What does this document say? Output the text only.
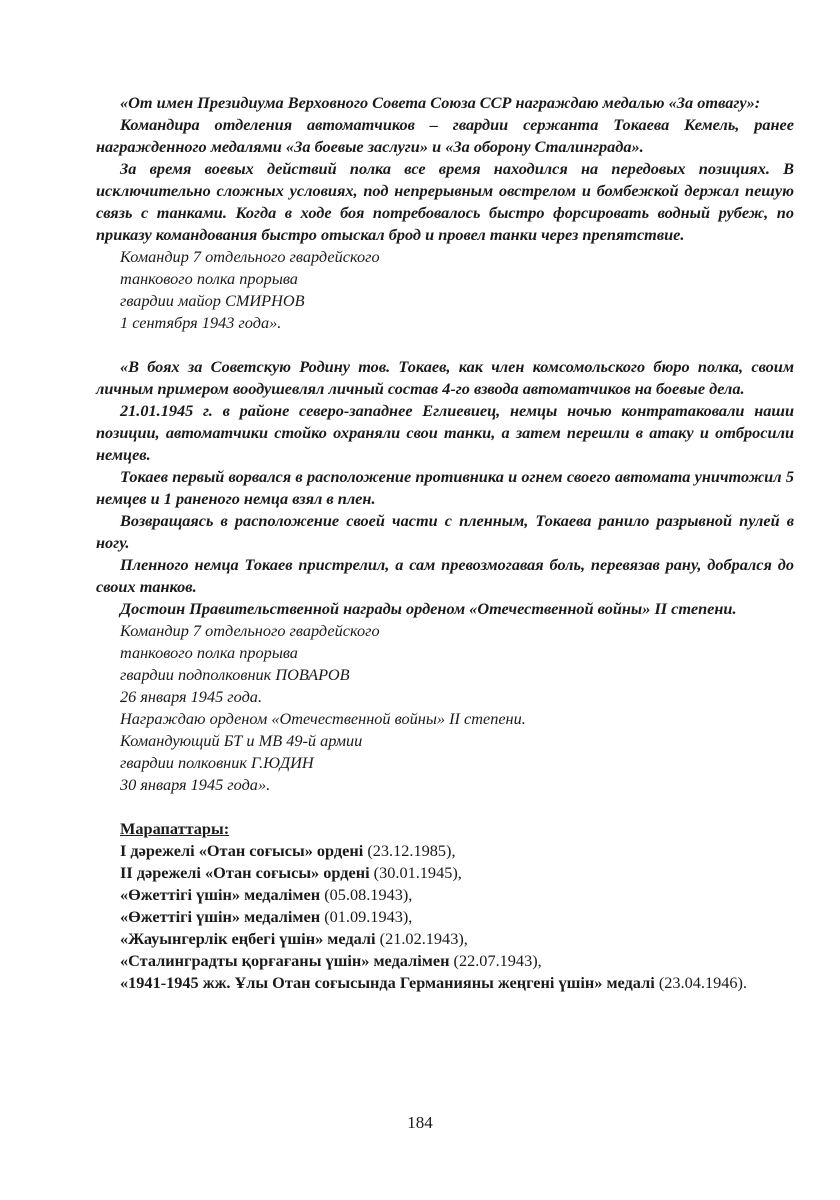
«От имен Президиума Верховного Совета Союза ССР награждаю медалью «За отвагу»:

Командира отделения автоматчиков – гвардии сержанта Токаева Кемель, ранее награжденного медалями «За боевые заслуги» и «За оборону Сталинграда».

За время воевых действий полка все время находился на передовых позициях. В исключительно сложных условиях, под непрерывным овстрелом и бомбежкой держал пешую связь с танками. Когда в ходе боя потребовалось быстро форсировать водный рубеж, по приказу командования быстро отыскал брод и провел танки через препятствие.

Командир 7 отдельного гвардейского

танкового полка прорыва

гвардии майор СМИРНОВ

1 сентября 1943 года».

«В боях за Советскую Родину тов. Токаев, как член комсомольского бюро полка, своим личным примером воодушевлял личный состав 4-го взвода автоматчиков на боевые дела.

21.01.1945 г. в районе северо-западнее Еглиевиец, немцы ночью контратаковали наши позиции, автоматчики стойко охраняли свои танки, а затем перешли в атаку и отбросили немцев.

Токаев первый ворвался в расположение противника и огнем своего автомата уничтожил 5 немцев и 1 раненого немца взял в плен.

Возвращаясь в расположение своей части с пленным, Токаева ранило разрывной пулей в ногу.

Пленного немца Токаев пристрелил, а сам превозмогавая боль, перевязав рану, добрался до своих танков.

Достоин Правительственной награды орденом «Отечественной войны» II степени.

Командир 7 отдельного гвардейского

танкового полка прорыва

гвардии подполковник ПОВАРОВ

26 января 1945 года.

Награждаю орденом «Отечественной войны» II степени.

Командующий БТ и МВ 49-й армии

гвардии полковник Г.ЮДИН

30 января 1945 года».

Марапаттары:

I дәрежелі «Отан соғысы» ордені (23.12.1985),

II дәрежелі «Отан соғысы» ордені (30.01.1945),

«Өжеттігі үшін» медалімен (05.08.1943),

«Өжеттігі үшін» медалімен (01.09.1943),

«Жауынгерлік еңбегі үшін» медалі (21.02.1943),

«Сталинградты қорғағаны үшін» медалімен (22.07.1943),

«1941-1945 жж. Ұлы Отан соғысында Германияны жеңгені үшін» медалі (23.04.1946).

184
